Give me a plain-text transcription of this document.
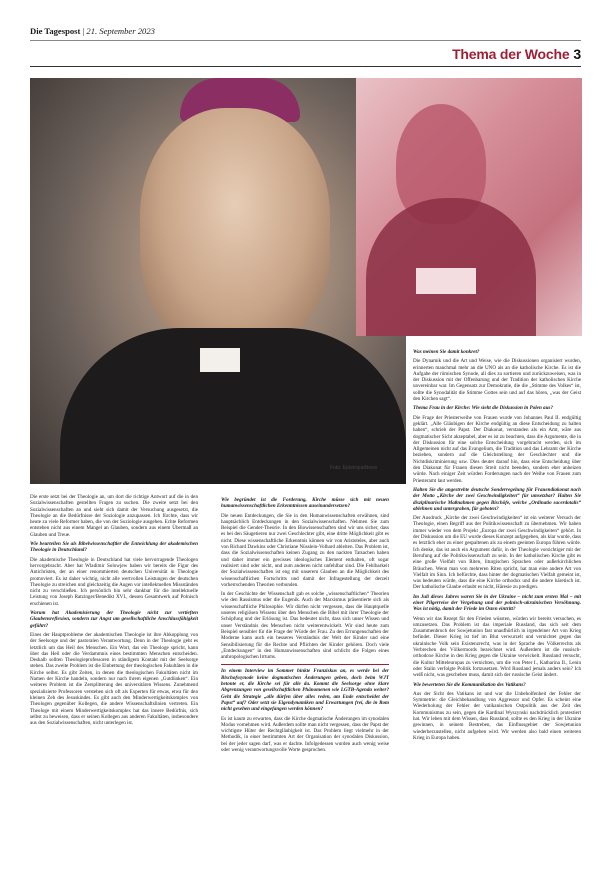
Die Tagespost | 21. September 2023
Thema der Woche 3
Foto: EpiskopatNews

Die erste setzt bei der Theologie an, um dort die richtige Antwort auf die in den Sozialwissenschaften gestellten Fragen zu suchen. Die zweite setzt bei den Sozialwissenschaften an und sieht sich damit der Versuchung ausgesetzt, die Theologie an die Bedürfnisse der Soziologie anzupassen. Ich fürchte, dass wir heute zu viele Reformer haben, die von der Soziologie ausgehen. Echte Reformen entstehen nicht aus einem Mangel an Glauben, sondern aus einem Übermaß an Glauben und Treue.

Wie beurteilen Sie als Bibelwissenschaftler die Entwicklung der akademischen Theologie in Deutschland?

Die akademische Theologie in Deutschland hat viele hervorragende Theologen hervorgebracht. Aber hat Wladimir Solowjew haben wir bereits die Figur des Antichristen, der an einer renommierten deutschen Universität in Theologie promoviert. Es ist daher wichtig, nicht alle wertvollen Leistungen der deutschen Theologie zu streichen und gleichzeitig die Augen vor intellektuellen Missständen nicht zu verschließen. Ich persönlich bin sehr dankbar für die intellektuelle Leistung von Joseph Ratzinger/Benedikt XVI., dessen Gesamtwerk auf Polnisch erschienen ist.

Warum hat Akademisierung der Theologie nicht zur vertieften Glaubensreflexion, sondern zur Angst um gesellschaftliche Anschlussfähigkeit geführt?

Eines der Hauptprobleme der akademischen Theologie ist ihre Abkopplung von der Seelsorge und der pastoralen Verantwortung. Denn in der Theologie geht es letztlich um das Heil des Menschen. Ein Wort, das ein Theologe spricht, kann über das Heil oder die Verdammnis eines bestimmten Menschen entscheiden. Deshalb sollten Theologieprofessoren in ständigem Kontakt mit der Seelsorge stehen. Das zweite Problem ist die Einbettung der theologischen Fakultäten in die Kirche selbst. Es gibt Zeiten, in denen die theologischen Fakultäten nicht im Namen der Kirche handeln, sondern nur nach ihrem eigenen „Gutdünken“. Ein weiteres Problem ist die Zersplitterung des universitären Wissens. Zunehmend spezialisierte Professoren verstehen sich oft als Experten für etwas, etwa für den kleinen Zeh des Jesuskindes. Es gibt auch den Minderwertigkeitskomplex von Theologen gegenüber Kollegen, die andere Wissenschaftslinien vertreten. Ein Theologe mit einem Minderwertigkeitskomplex hat das innere Bedürfnis, sich selbst zu beweisen, dass er seinen Kollegen aus anderen Fakultäten, insbesondere aus den Sozialwissenschaften, nicht unterlegen ist.

Wie begründet ist die Forderung, Kirche müsse sich mit neuen humanwissenschaftlichen Erkenntnissen auseinandersetzen?

Die neuen Entdeckungen, die Sie in den Humanwissenschaften erwähnen, sind hauptsächlich Entdeckungen in den Sozialwissenschaften. Nehmen Sie zum Beispiel die Gender-Theorie. In den Biowissenschaften sind wir uns sicher, dass es bei den Säugetieren nur zwei Geschlechter gibt, eine dritte Möglichkeit gibt es nicht. Diese wissenschaftliche Erkenntnis können wir von Aristoteles, aber auch von Richard Dawkins oder Christiane Nüsslein-Volhard ableiten. Das Problem ist, dass die Sozialwissenschaften keinen Zugang zu den nackten Tatsachen haben und daher immer ein gewisses ideologisches Element enthalten, oft sogar realisiert sind oder nicht, und zum anderen nicht unfehlbar sind. Die Fehlbarkeit der Sozialwissenschaften ist eng mit unserem Glauben an die Möglichkeit des wissenschaftlichen Fortschritts und damit der Infragestellung der derzeit vorherrschenden Theorien verbunden.

In der Geschichte der Wissenschaft gab es solche „wissenschaftlichen“ Theorien wie den Rassismus oder die Eugenik. Auch der Marxismus präsentierte sich als wissenschaftliche Philosophie. Wir dürfen nicht vergessen, dass die Hauptquelle unseres religiösen Wissens über den Menschen die Bibel mit ihrer Theologie der Schöpfung und der Erlösung ist. Das bedeutet nicht, dass sich unser Wissen und unser Verständnis des Menschen nicht weiterentwickelt. Wir sind heute zum Beispiel sensibler für die Frage der Würde der Frau. Zu den Errungenschaften der Moderne kann auch ein besseres Verständnis der Welt der Kinder und eine Sensibilisierung für die Rechte und Pflichten der Kinder gehören. Doch viele „Entdeckungen“ in den Humanwissenschaften sind schlicht die Folgen eines anthropologischen Irrtums.

In einem Interview im Sommer hinkte Franziskus an, es werde bei der Bischofssynode keine dogmatischen Änderungen geben, doch beim WJT betonte er, die Kirche sei für alle da. Kommt die Seelsorge ohne klare Abgrenzungen von gesellschaftlichen Phänomenen wie LGTB-Agenda weiter? Geht die Strategie „alle dürfen über alles reden, am Ende entscheidet der Papst“ auf? Oder setzt sie Eigendynamiken und Erwartungen frei, die in Rom nicht gesehen und eingefangen werden können?

Es ist kaum zu erwarten, dass die Kirche dogmatische Änderungen im synodalen Modus vornehmen wird. Außerdem sollte man nicht vergessen, dass der Papst der wichtigste Hüter der Rechtgläubigkeit ist. Das Problem liegt vielmehr in der Methodik, in einer bestimmten Art der Organisation der synodalen Diskussion, bei der jeder sagen darf, was er dachte. Infolgedessen wurden auch wenig weise oder wenig verantwortungsvolle Worte gesprochen.

Was meinen Sie damit konkret?

Die Dynamik und die Art und Weise, wie die Diskussionen organisiert wurden, erinnerten manchmal mehr an die UNO als an die katholische Kirche. Es ist die Aufgabe der römischen Synode, all dies zu sortieren und zurückzuweisen, was in der Diskussion mit der Offenbarung und der Tradition der katholischen Kirche unvereinbar war. Im Gegensatz zur Demokratie, die die „Stimme des Volkes“ ist, sollte die Synodalität die Stimme Gottes sein und auf das hören, „was der Geist den Kirchen sagt“.

Thema Frau in der Kirche: Wie sieht die Diskussion in Polen aus?

Die Frage der Priesterweihe von Frauen wurde von Johannes Paul II. endgültig geklärt. „Alle Gläubigen der Kirche endgültig an diese Entscheidung zu halten haben“, schrieb der Papst. Der Diakonat, verstanden als ein Amt, wäre aus dogmatischer Sicht akzeptabel, aber es ist zu beachten, dass die Argumente, die in der Diskussion für eine solche Entscheidung vorgebracht werden, sich im Allgemeinen nicht auf das Evangelium, die Tradition und das Lehramt der Kirche beziehen, sondern auf die Gleichstellung der Geschlechter und die Nichtdiskriminierung usw. Dies deutet darauf hin, dass eine Entscheidung über den Diakonat für Frauen diesen Streit nicht beenden, sondern eher anheizen würde. Nach einiger Zeit würden Forderungen nach der Weihe von Frauen zum Priesteramt laut werden.

Halten Sie die angestrebte deutsche Sonderregelung für Frauendiakonat nach der Motto „Kirche der zwei Geschwindigkeiten“ für umsetzbar? Halten Sie disziplinarische Maßnahmen gegen Bischöfe, welche „Ordinatio sacerdotalis“ ablehnen und untergraben, für geboten?

Der Ausdruck „Kirche der zwei Geschwindigkeiten“ ist ein weiterer Versuch der Theologie, einen Begriff aus der Politikwissenschaft zu übernehmen. Wir haben immer wieder von dem Projekt „Europa der zwei Geschwindigkeiten“ gehört. In der Diskussion um die EU wurde dieses Konzept aufgegeben, als klar wurde, dass es letztlich eher zu einer gespaltenen als zu einem geeinten Europa führen würde. Ich denke, das ist auch ein Argument dafür, in der Theologie vorsichtiger mit der Berufung auf die Politikwissenschaft zu sein. In der katholischen Kirche gibt es eine große Vielfalt von Riten, liturgischen Sprachen oder außerkirchlichen Bräuchen. Wenn man von mehreren Riten spricht, hat man eine andere Art von Vielfalt im Sinn. Ich befürchte, dass hinter der dogmatischen Vielfalt gemeint ist, was bedeuten würde, dass die eine Kirche orthodox und die andere häretisch ist. Der katholische Glaube erlaubt es nicht, Häresie zu predigen.

Im Juli dieses Jahres waren Sie in der Ukraine – nicht zum ersten Mal – mit einer Pilgerreise der Vergebung und der polnisch-ukrainischen Versöhnung. Was ist nötig, damit der Friede im Osten eintritt?

Wenn wir das Rezept für den Frieden wüssten, würden wir bereits versuchen, es umzusetzen. Das Problem ist das imperiale Russland, das sich seit dem Zusammenbruch der Sowjetunion fast unaufhörlich in irgendeiner Art von Krieg befindet. Dieser Krieg ist tief im Blut verwurzelt und vernichtet gegen das ukrainische Volk sein Existenzrecht, was in der Sprache des Völkerrechts als Verbrechen des Völkermords bezeichnet wird. Außerdem ist die russisch-orthodoxe Kirche in den Krieg gegen die Ukraine verwickelt. Russland versucht, die Kultur Mitteleuropas zu vernichten, um die von Peter I., Katharina II., Lenin oder Stalin verfolgte Politik fortzusetzen. Wird Russland jemals anders sein? Ich weiß nicht, was geschehen muss, damit sich der russische Geist ändert.

Wie bewerteten Sie die Kommunikation des Vatikans?

Aus der Sicht des Vatikans ist und war die Unbeholfenheit der Fehler der Symmetrie: die Gleichbehandlung von Aggressor und Opfer. Es scheint eine Wiederholung der Fehler der vatikanischen Ostpolitik aus der Zeit des Kommunismus zu sein, gegen die Kardinal Wyszynski nachdrücklich protestiert hat. Wir leben mit dem Wissen, dass Russland, sollte es den Krieg in der Ukraine gewinnen, in seinem Bestreben, das Einflussgebiet der Sowjetunion wiederherzustellen, nicht aufgeben wird. Wir werden also bald einen weiteren Krieg in Europa haben.
